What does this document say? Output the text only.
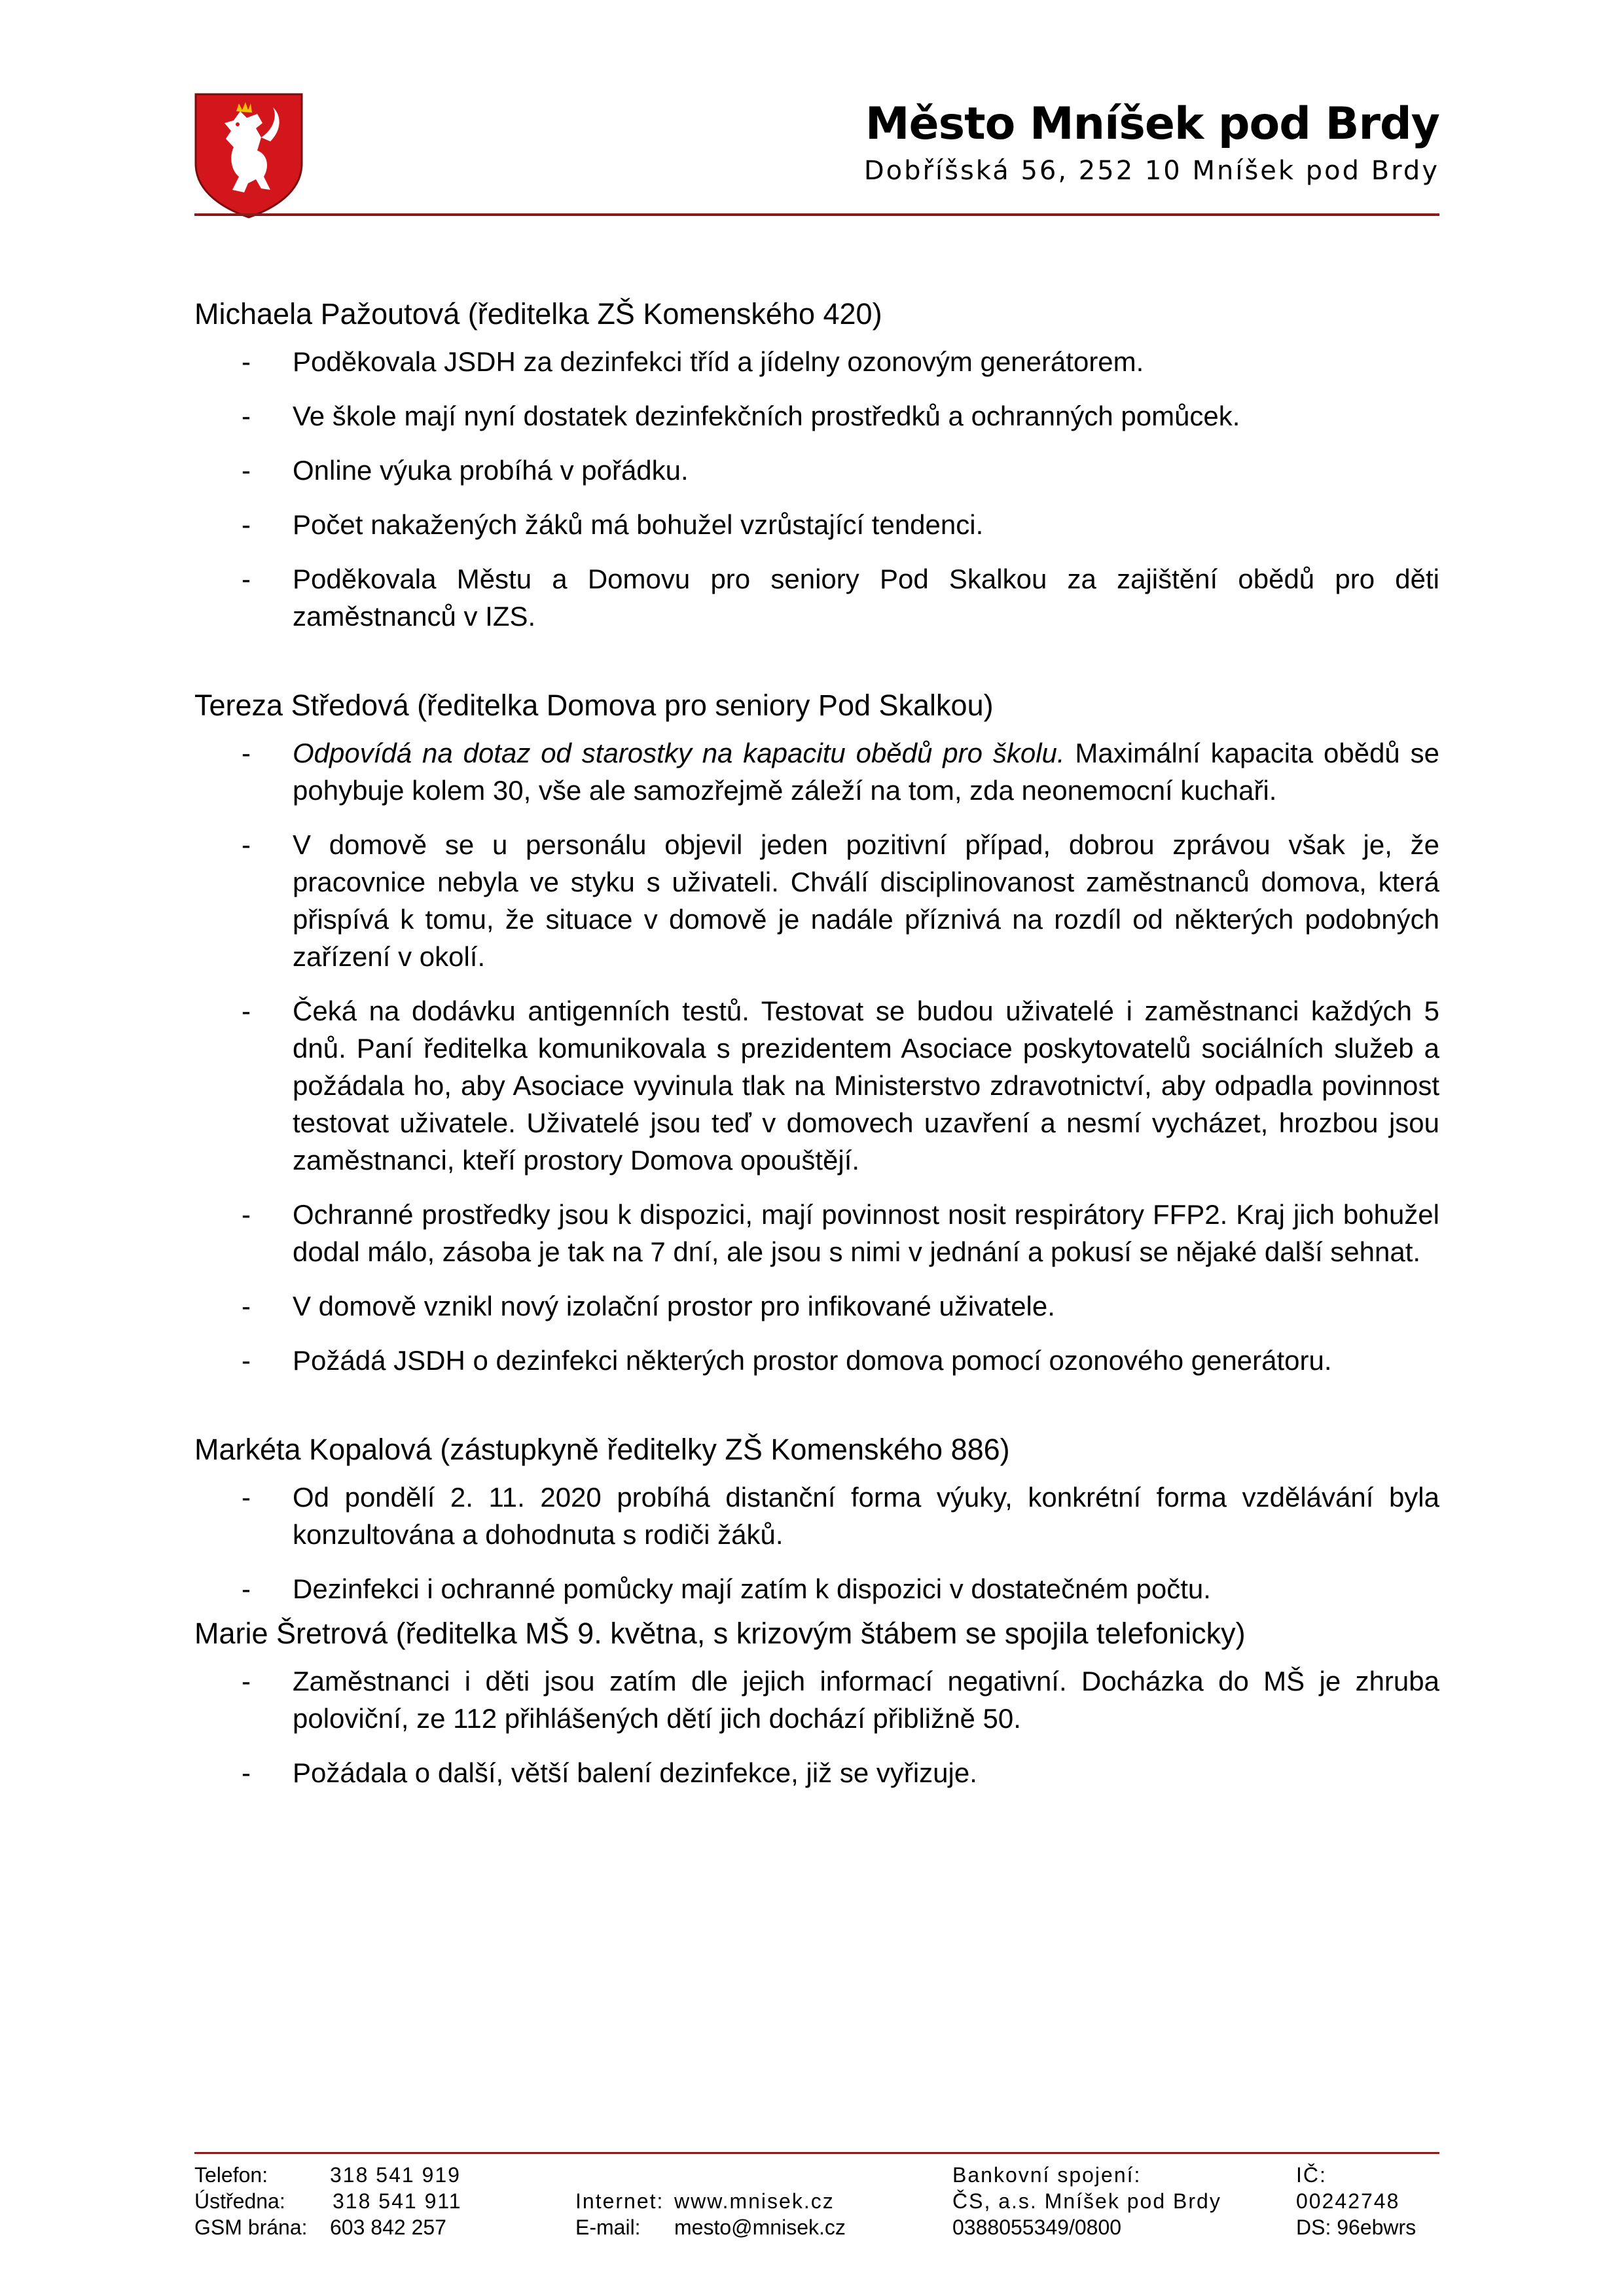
Město Mníšek pod Brdy
Dobříšská 56, 252 10 Mníšek pod Brdy
Michaela Pažoutová (ředitelka ZŠ Komenského 420)
- Poděkovala JSDH za dezinfekci tříd a jídelny ozonovým generátorem.
- Ve škole mají nyní dostatek dezinfekčních prostředků a ochranných pomůcek.
- Online výuka probíhá v pořádku.
- Počet nakažených žáků má bohužel vzrůstající tendenci.
- Poděkovala Městu a Domovu pro seniory Pod Skalkou za zajištění obědů pro děti zaměstnanců v IZS.
Tereza Středová (ředitelka Domova pro seniory Pod Skalkou)
- Odpovídá na dotaz od starostky na kapacitu obědů pro školu. Maximální kapacita obědů se pohybuje kolem 30, vše ale samozřejmě záleží na tom, zda neonemocní kuchaři.
- V domově se u personálu objevil jeden pozitivní případ, dobrou zprávou však je, že pracovnice nebyla ve styku s uživateli. Chválí disciplinovanost zaměstnanců domova, která přispívá k tomu, že situace v domově je nadále příznivá na rozdíl od některých podobných zařízení v okolí.
- Čeká na dodávku antigenních testů. Testovat se budou uživatelé i zaměstnanci každých 5 dnů. Paní ředitelka komunikovala s prezidentem Asociace poskytovatelů sociálních služeb a požádala ho, aby Asociace vyvinula tlak na Ministerstvo zdravotnictví, aby odpadla povinnost testovat uživatele. Uživatelé jsou teď v domovech uzavření a nesmí vycházet, hrozbou jsou zaměstnanci, kteří prostory Domova opouštějí.
- Ochranné prostředky jsou k dispozici, mají povinnost nosit respirátory FFP2. Kraj jich bohužel dodal málo, zásoba je tak na 7 dní, ale jsou s nimi v jednání a pokusí se nějaké další sehnat.
- V domově vznikl nový izolační prostor pro infikované uživatele.
- Požádá JSDH o dezinfekci některých prostor domova pomocí ozonového generátoru.
Markéta Kopalová (zástupkyně ředitelky ZŠ Komenského 886)
- Od pondělí 2. 11. 2020 probíhá distanční forma výuky, konkrétní forma vzdělávání byla konzultována a dohodnuta s rodiči žáků.
- Dezinfekci i ochranné pomůcky mají zatím k dispozici v dostatečném počtu.
Marie Šretrová (ředitelka MŠ 9. května, s krizovým štábem se spojila telefonicky)
- Zaměstnanci i děti jsou zatím dle jejich informací negativní. Docházka do MŠ je zhruba poloviční, ze 112 přihlášených dětí jich dochází přibližně 50.
- Požádala o další, větší balení dezinfekce, již se vyřizuje.
Telefon:
Ústředna:
GSM brána:
318 541 919
318 541 911
603 842 257
Internet:
E-mail:
www.mnisek.cz
mesto@mnisek.cz
Bankovní spojení:
ČS, a.s. Mníšek pod Brdy
0388055349/0800
IČ:
00242748
DS: 96ebwrs
